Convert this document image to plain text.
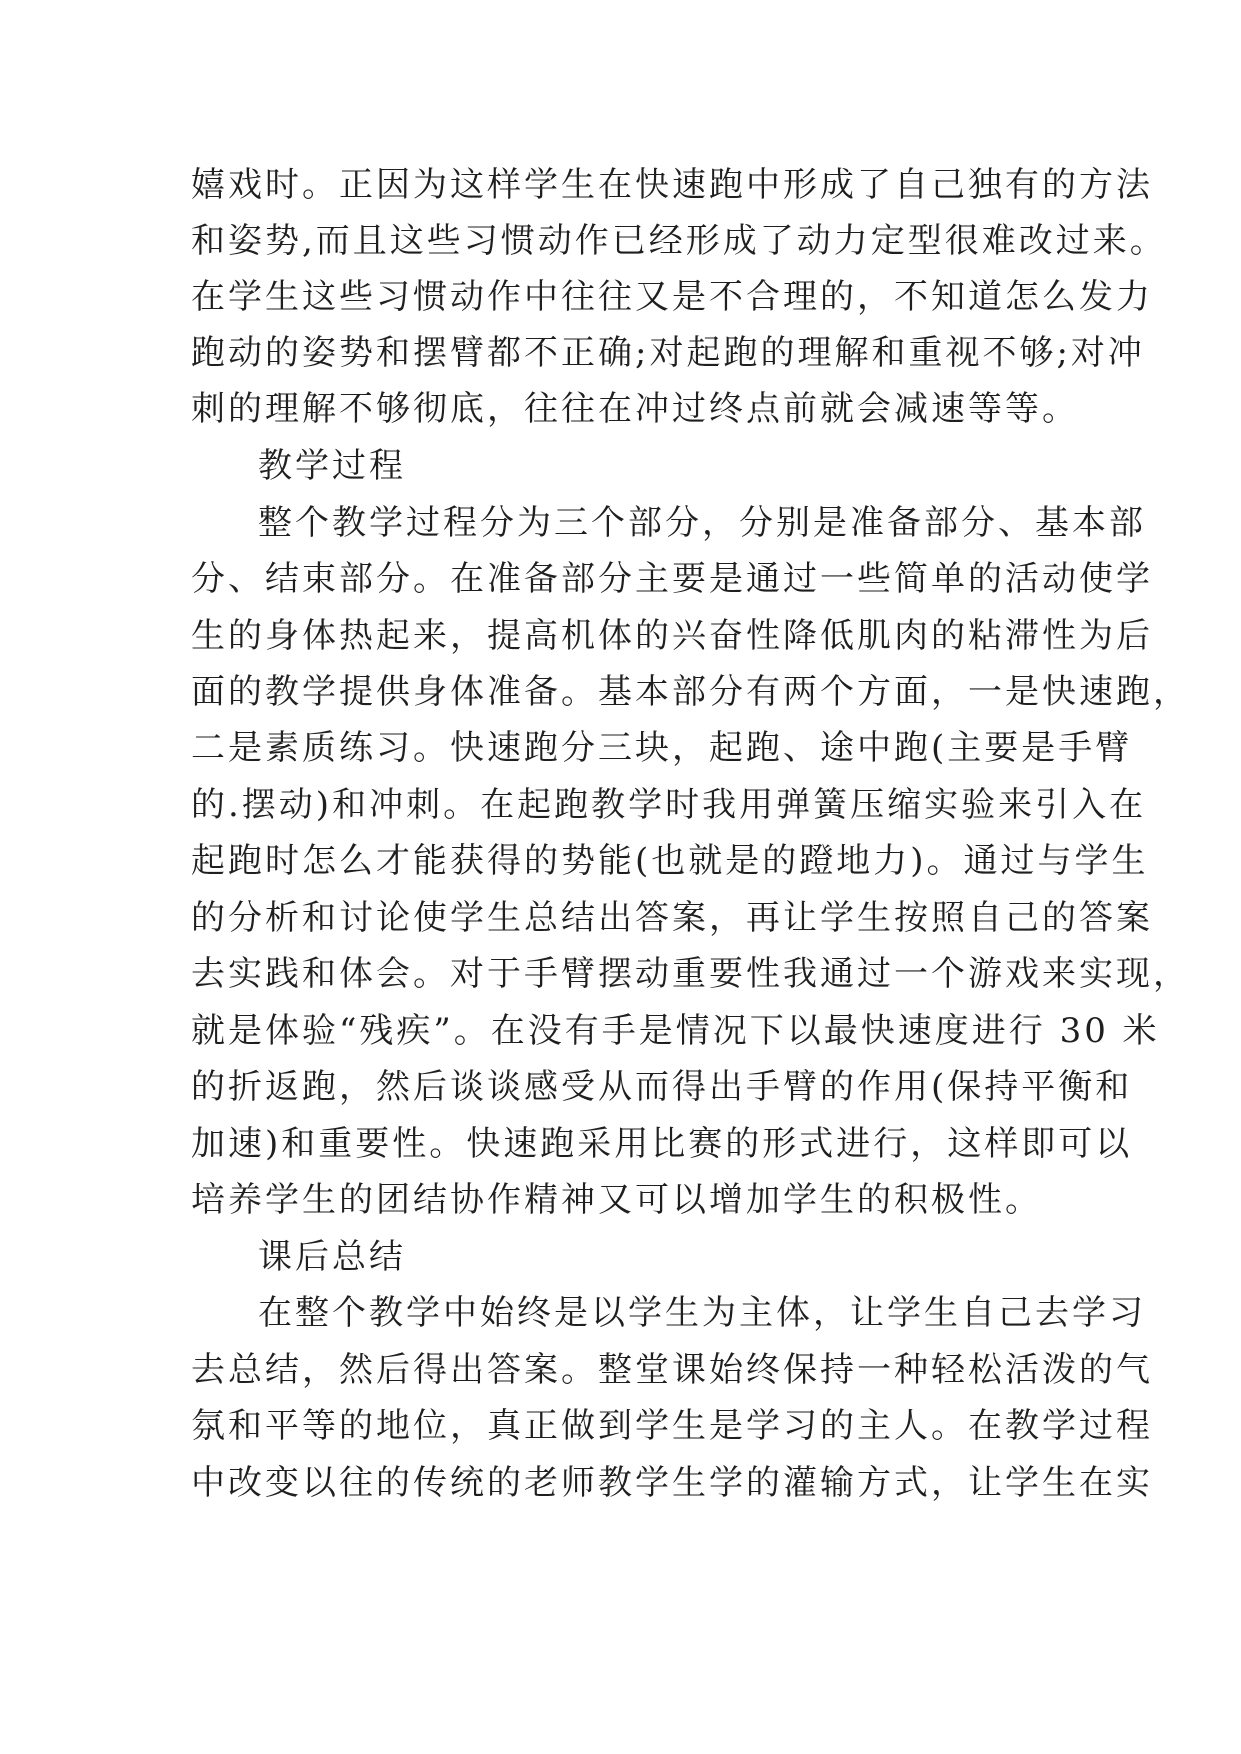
嬉戏时。正因为这样学生在快速跑中形成了自己独有的方法
和姿势,而且这些习惯动作已经形成了动力定型很难改过来。
在学生这些习惯动作中往往又是不合理的，不知道怎么发力
跑动的姿势和摆臂都不正确;对起跑的理解和重视不够;对冲
刺的理解不够彻底，往往在冲过终点前就会减速等等。
教学过程
整个教学过程分为三个部分，分别是准备部分、基本部
分、结束部分。在准备部分主要是通过一些简单的活动使学
生的身体热起来，提高机体的兴奋性降低肌肉的粘滞性为后
面的教学提供身体准备。基本部分有两个方面，一是快速跑，
二是素质练习。快速跑分三块，起跑、途中跑(主要是手臂
的.摆动)和冲刺。在起跑教学时我用弹簧压缩实验来引入在
起跑时怎么才能获得的势能(也就是的蹬地力)。通过与学生
的分析和讨论使学生总结出答案，再让学生按照自己的答案
去实践和体会。对于手臂摆动重要性我通过一个游戏来实现，
就是体验“残疾”。在没有手是情况下以最快速度进行 30 米
的折返跑，然后谈谈感受从而得出手臂的作用(保持平衡和
加速)和重要性。快速跑采用比赛的形式进行，这样即可以
培养学生的团结协作精神又可以增加学生的积极性。
课后总结
在整个教学中始终是以学生为主体，让学生自己去学习
去总结，然后得出答案。整堂课始终保持一种轻松活泼的气
氛和平等的地位，真正做到学生是学习的主人。在教学过程
中改变以往的传统的老师教学生学的灌输方式，让学生在实
